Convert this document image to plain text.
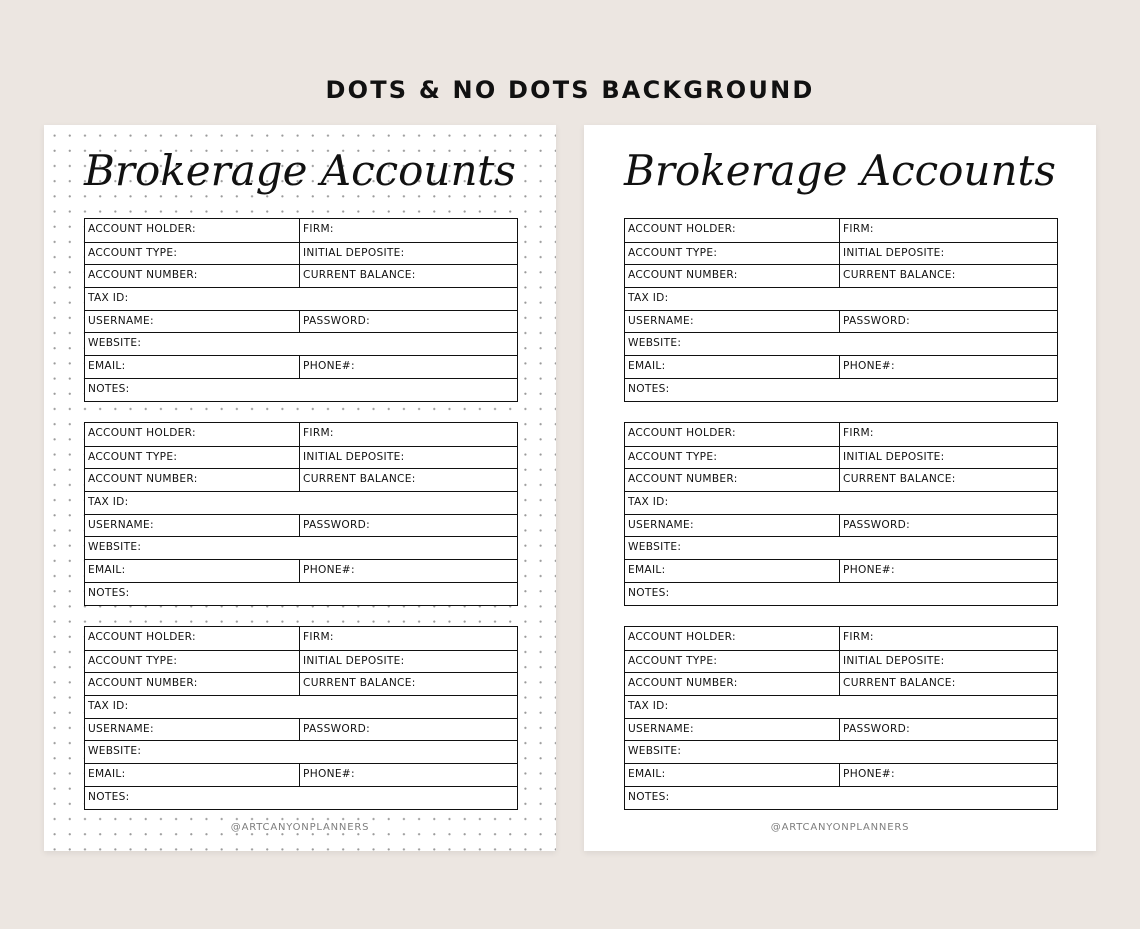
DOTS & NO DOTS BACKGROUND
Brokerage Accounts
ACCOUNT HOLDER:	FIRM:
ACCOUNT TYPE:	INITIAL DEPOSITE:
ACCOUNT NUMBER:	CURRENT BALANCE:
TAX ID:
USERNAME:	PASSWORD:
WEBSITE:
EMAIL:	PHONE#:
NOTES:
ACCOUNT HOLDER:	FIRM:
ACCOUNT TYPE:	INITIAL DEPOSITE:
ACCOUNT NUMBER:	CURRENT BALANCE:
TAX ID:
USERNAME:	PASSWORD:
WEBSITE:
EMAIL:	PHONE#:
NOTES:
ACCOUNT HOLDER:	FIRM:
ACCOUNT TYPE:	INITIAL DEPOSITE:
ACCOUNT NUMBER:	CURRENT BALANCE:
TAX ID:
USERNAME:	PASSWORD:
WEBSITE:
EMAIL:	PHONE#:
NOTES:
@ARTCANYONPLANNERS
Brokerage Accounts
ACCOUNT HOLDER:	FIRM:
ACCOUNT TYPE:	INITIAL DEPOSITE:
ACCOUNT NUMBER:	CURRENT BALANCE:
TAX ID:
USERNAME:	PASSWORD:
WEBSITE:
EMAIL:	PHONE#:
NOTES:
ACCOUNT HOLDER:	FIRM:
ACCOUNT TYPE:	INITIAL DEPOSITE:
ACCOUNT NUMBER:	CURRENT BALANCE:
TAX ID:
USERNAME:	PASSWORD:
WEBSITE:
EMAIL:	PHONE#:
NOTES:
ACCOUNT HOLDER:	FIRM:
ACCOUNT TYPE:	INITIAL DEPOSITE:
ACCOUNT NUMBER:	CURRENT BALANCE:
TAX ID:
USERNAME:	PASSWORD:
WEBSITE:
EMAIL:	PHONE#:
NOTES:
@ARTCANYONPLANNERS
